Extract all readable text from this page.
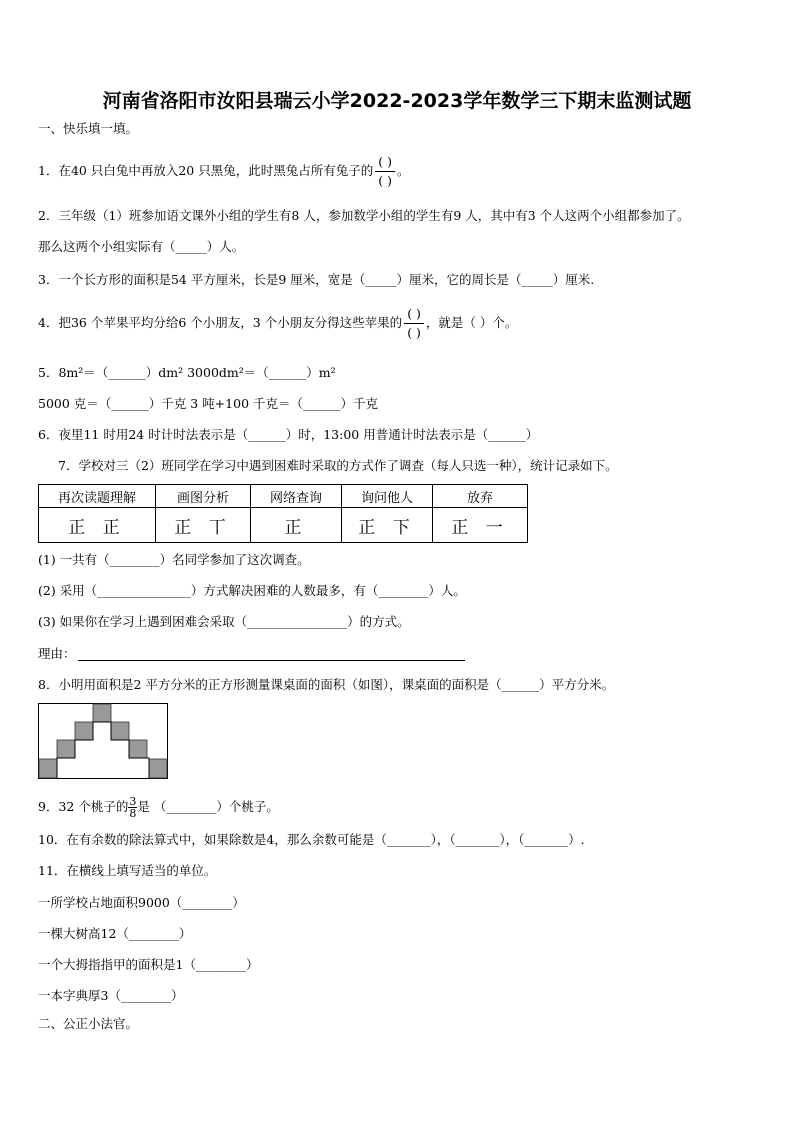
河南省洛阳市汝阳县瑞云小学2022-2023学年数学三下期末监测试题
一、快乐填一填。
1．在40 只白兔中再放入20 只黑兔，此时黑兔占所有兔子的 $\frac{( )}{( )}$ 。
2．三年级（1）班参加语文课外小组的学生有8 人，参加数学小组的学生有9 人，其中有3 个人这两个小组都参加了。
那么这两个小组实际有（_____）人。
3．一个长方形的面积是54 平方厘米，长是9 厘米，宽是（_____）厘米，它的周长是（_____）厘米.
4．把36 个苹果平均分给6 个小朋友，3 个小朋友分得这些苹果的 $\frac{( )}{( )}$ ，就是（ ）个。
5．8m²＝（______）dm² 3000dm²＝（______）m²
5000 克＝（______）千克 3 吨+100 千克＝（______）千克
6．夜里11 时用24 时计时法表示是（______）时，13:00 用普通计时法表示是（______）
7．学校对三（2）班同学在学习中遇到困难时采取的方式作了调查（每人只选一种），统计记录如下。
再次读题理解	画图分析	网络查询	询问他人	放弃
正 正	正 丅	正	正 下	正 一
(1) 一共有（________）名同学参加了这次调查。
(2) 采用（_______________）方式解决困难的人数最多，有（________）人。
(3) 如果你在学习上遇到困难会采取（________________）的方式。
理由：
8．小明用面积是2 平方分米的正方形测量课桌面的面积（如图），课桌面的面积是（______）平方分米。
9．32 个桃子的 $\frac{3}{8}$ 是 （________）个桃子。
10．在有余数的除法算式中，如果除数是4，那么余数可能是（_______），（_______），（_______）.
11．在横线上填写适当的单位。
一所学校占地面积9000（________）
一棵大树高12（________）
一个大拇指指甲的面积是1（________）
一本字典厚3（________）
二、公正小法官。
